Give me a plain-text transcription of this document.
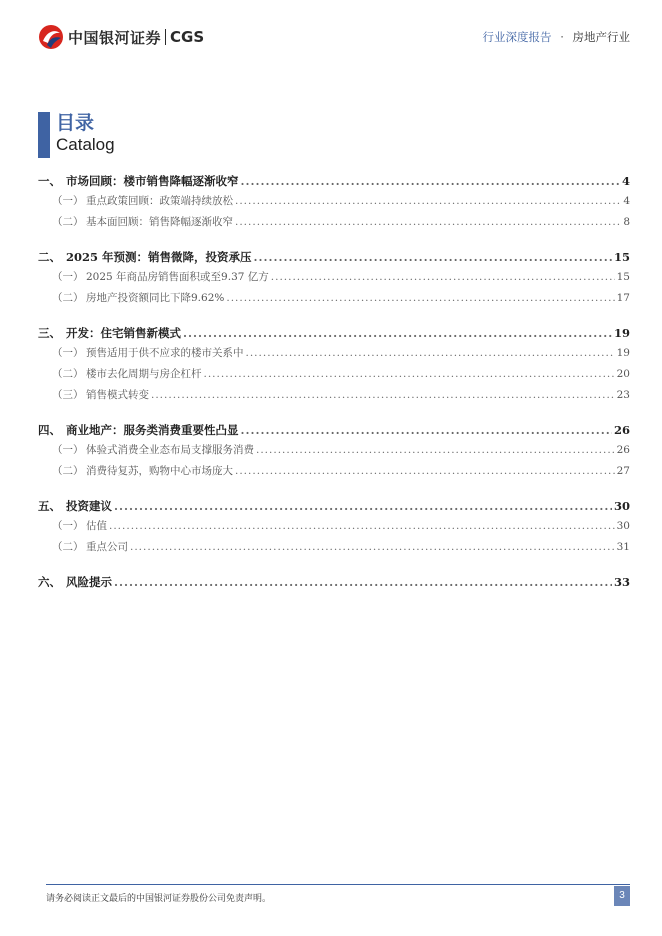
中国银河证券 CGS	行业深度报告 · 房地产行业
目录
Catalog
一、 市场回顾：楼市销售降幅逐渐收窄 .....	4
（一） 重点政策回顾：政策端持续放松 .....	4
（二） 基本面回顾：销售降幅逐渐收窄 .....	8
二、 2025 年预测：销售微降，投资承压 .....	15
（一） 2025 年商品房销售面积或至9.37 亿方 .....	15
（二） 房地产投资额同比下降9.62% .....	17
三、 开发：住宅销售新模式 .....	19
（一） 预售适用于供不应求的楼市关系中 .....	19
（二） 楼市去化周期与房企杠杆 .....	20
（三） 销售模式转变 .....	23
四、 商业地产：服务类消费重要性凸显 .....	26
（一） 体验式消费全业态布局支撑服务消费 .....	26
（二） 消费待复苏，购物中心市场庞大 .....	27
五、 投资建议 .....	30
（一） 估值 .....	30
（二） 重点公司 .....	31
六、 风险提示 .....	33
请务必阅读正文最后的中国银河证券股份公司免责声明。	3
